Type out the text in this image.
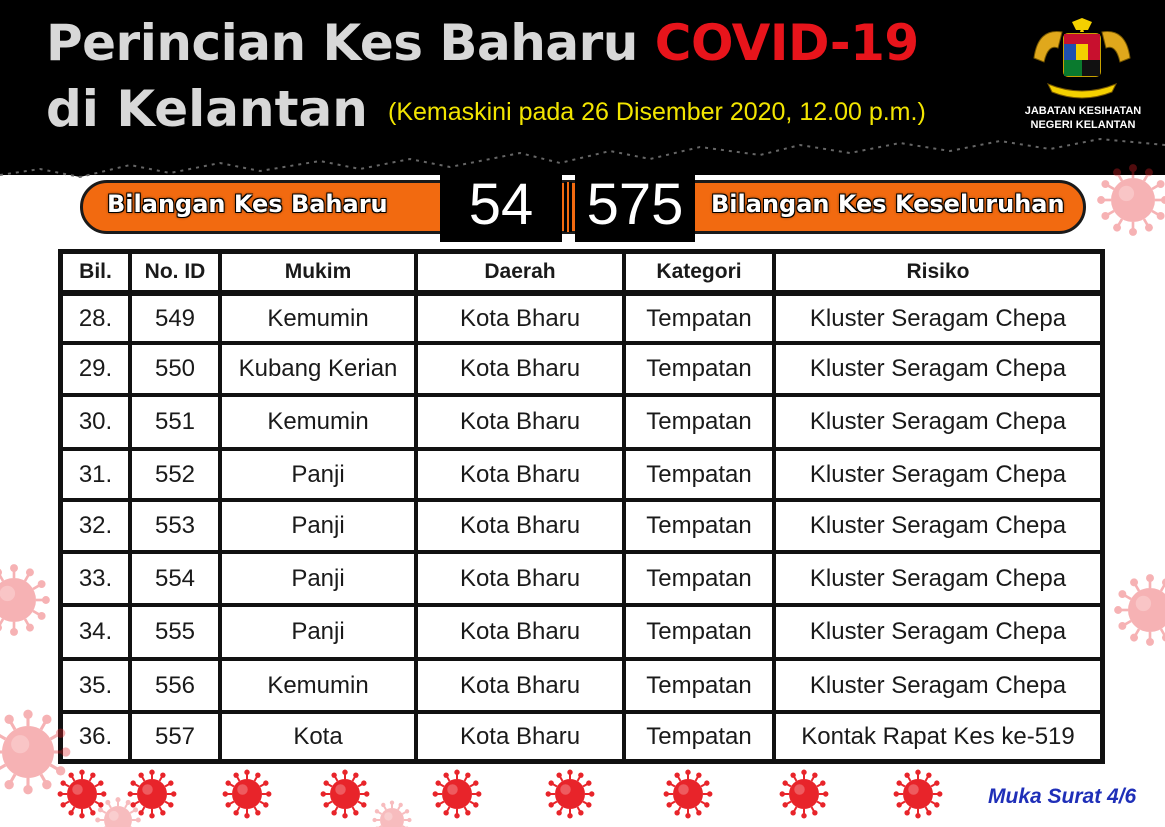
Perincian Kes Baharu COVID-19
di Kelantan (Kemaskini pada 26 Disember 2020, 12.00 p.m.)	JABATAN KESIHATAN
NEGERI KELANTAN
Bilangan Kes Baharu	54 575	Bilangan Kes Keseluruhan
Bil.	No. ID	Mukim	Daerah	Kategori	Risiko
28.	549	Kemumin	Kota Bharu	Tempatan	Kluster Seragam Chepa
29.	550	Kubang Kerian	Kota Bharu	Tempatan	Kluster Seragam Chepa
30.	551	Kemumin	Kota Bharu	Tempatan	Kluster Seragam Chepa
31.	552	Panji	Kota Bharu	Tempatan	Kluster Seragam Chepa
32.	553	Panji	Kota Bharu	Tempatan	Kluster Seragam Chepa
33.	554	Panji	Kota Bharu	Tempatan	Kluster Seragam Chepa
34.	555	Panji	Kota Bharu	Tempatan	Kluster Seragam Chepa
35.	556	Kemumin	Kota Bharu	Tempatan	Kluster Seragam Chepa
36.	557	Kota	Kota Bharu	Tempatan	Kontak Rapat Kes ke-519
Muka Surat 4/6
